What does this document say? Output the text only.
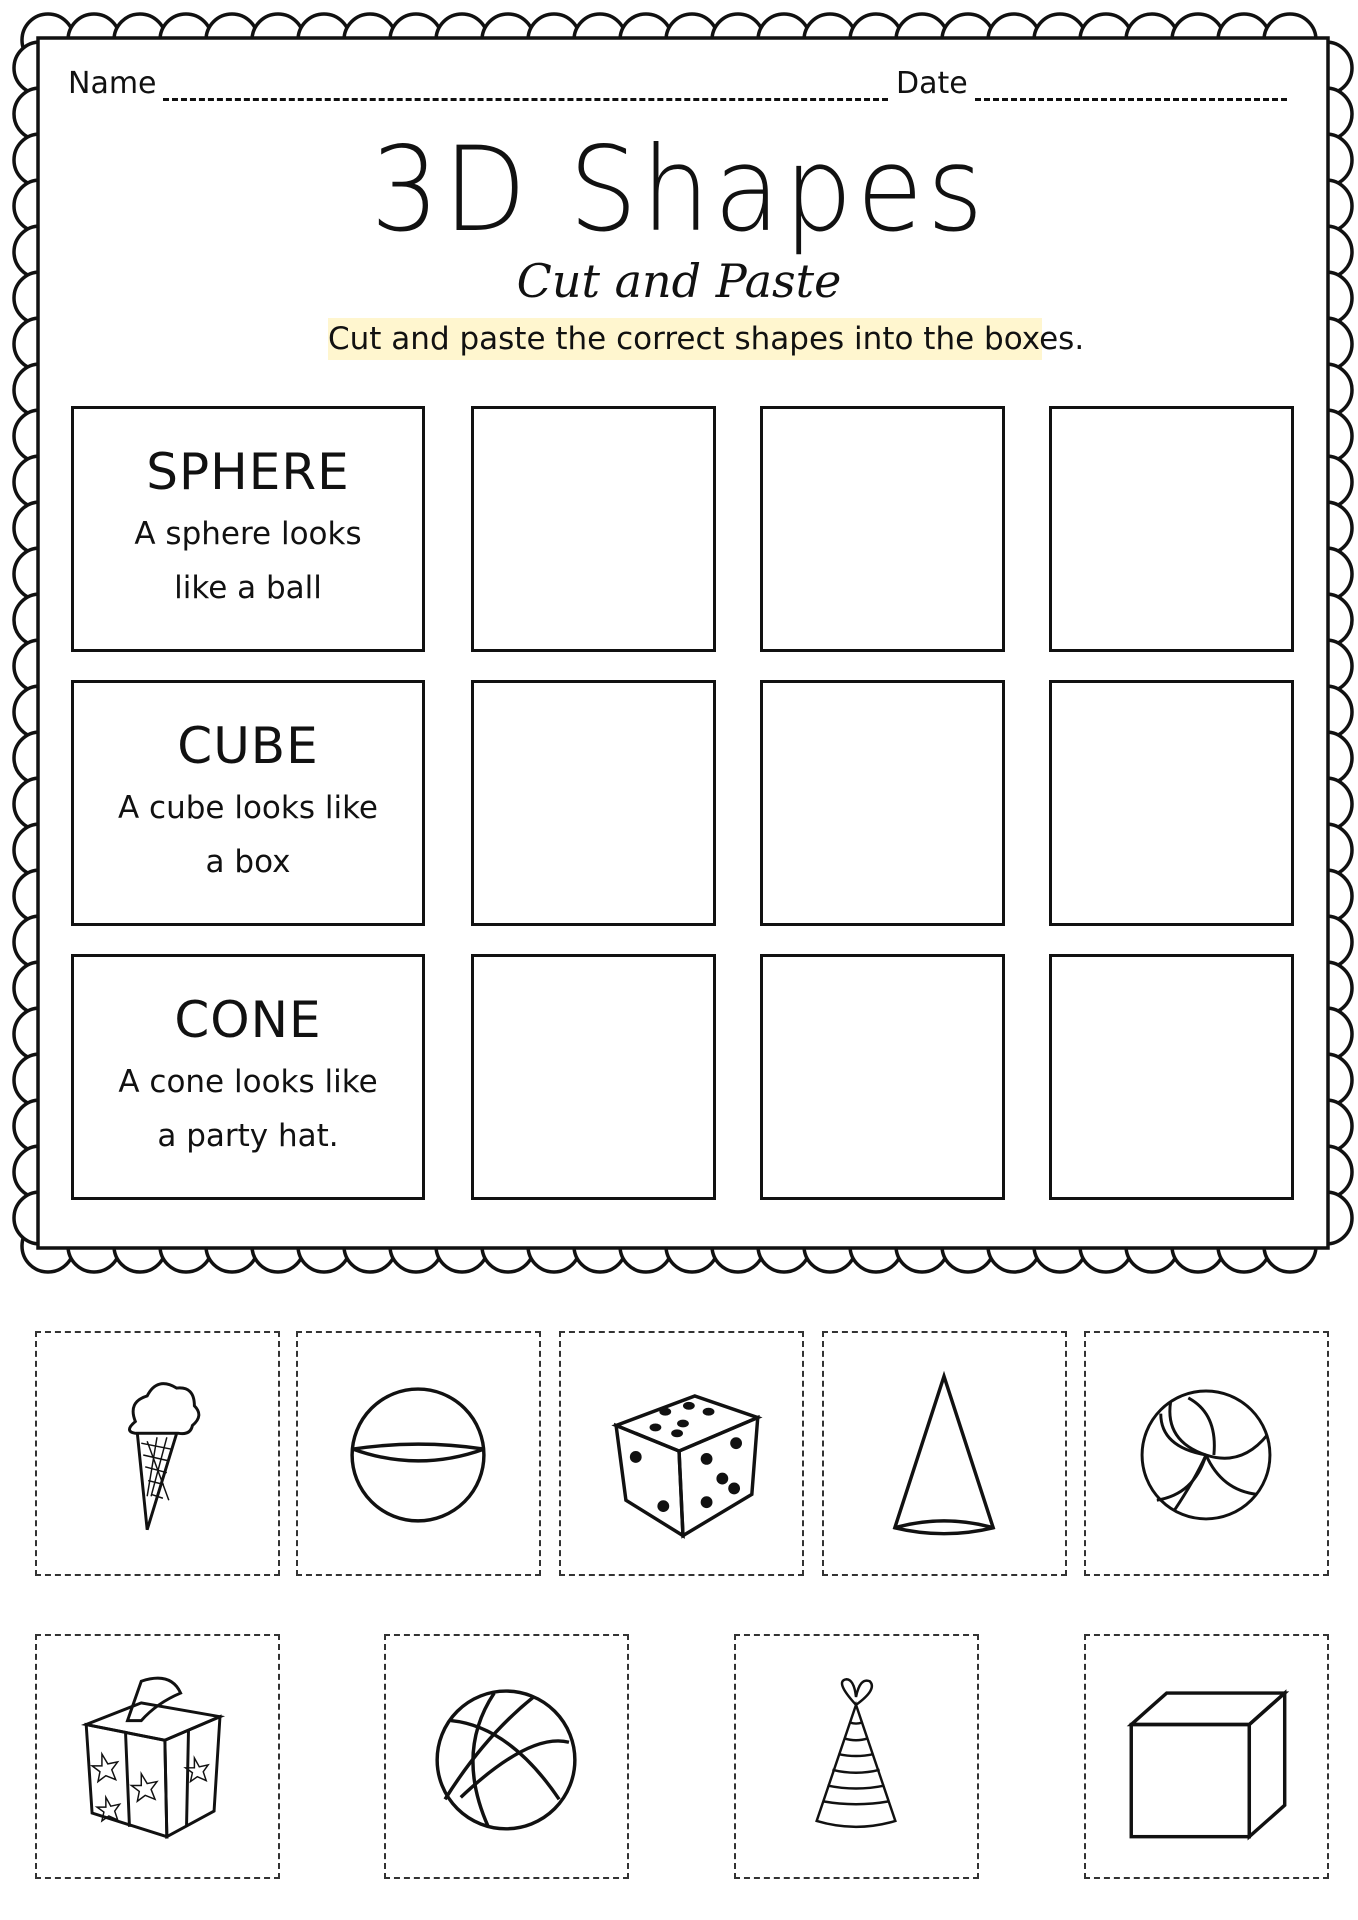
Name	Date
3D Shapes
Cut and Paste
Cut and paste the correct shapes into the boxes.
SPHERE
A sphere looks
like a ball
CUBE
A cube looks like
a box
CONE
A cone looks like
a party hat.
